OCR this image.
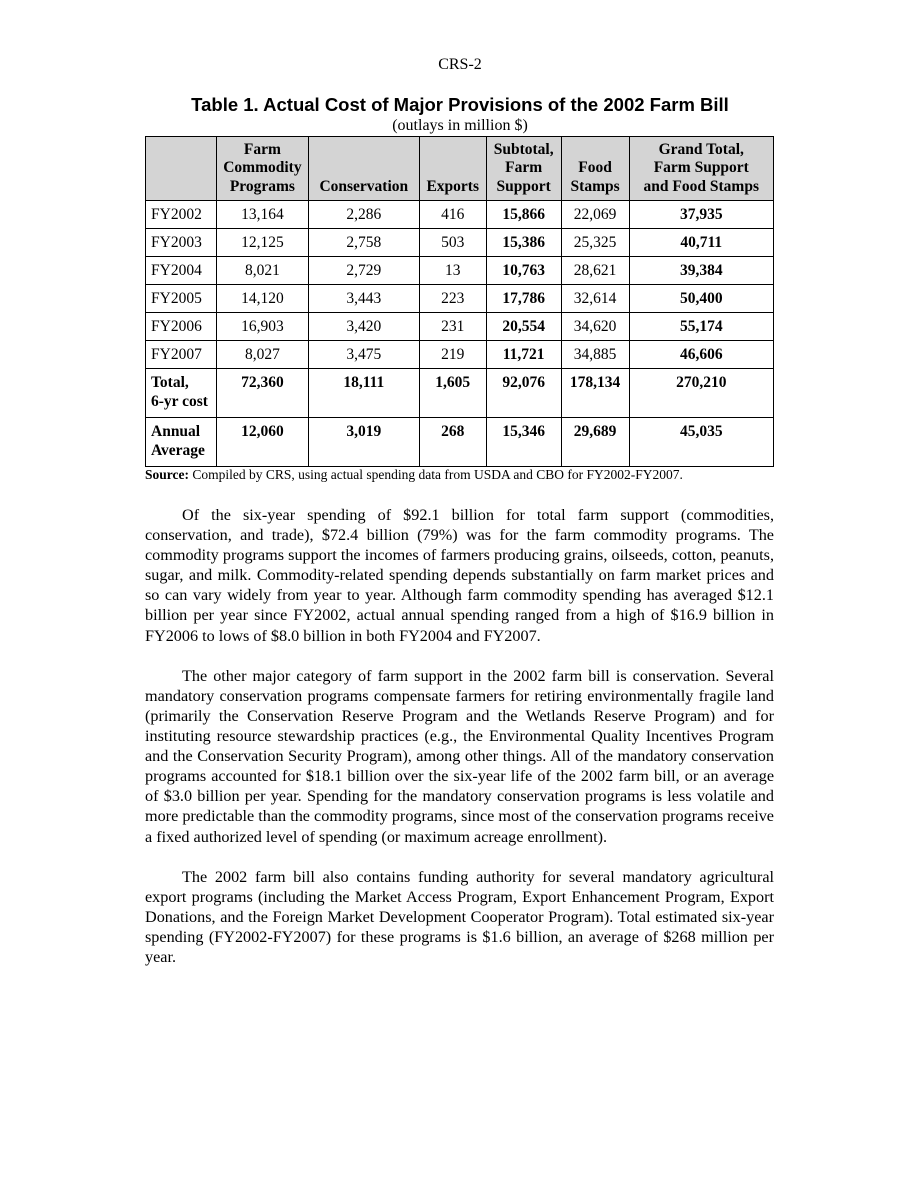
CRS-2
Table 1. Actual Cost of Major Provisions of the 2002 Farm Bill
(outlays in million $)
	Farm
Commodity
Programs	Conservation	Exports	Subtotal,
Farm
Support	Food
Stamps	Grand Total,
Farm Support
and Food Stamps
FY2002	13,164	2,286	416	15,866	22,069	37,935
FY2003	12,125	2,758	503	15,386	25,325	40,711
FY2004	8,021	2,729	13	10,763	28,621	39,384
FY2005	14,120	3,443	223	17,786	32,614	50,400
FY2006	16,903	3,420	231	20,554	34,620	55,174
FY2007	8,027	3,475	219	11,721	34,885	46,606
Total,
6-yr cost	72,360	18,111	1,605	92,076	178,134	270,210
Annual
Average	12,060	3,019	268	15,346	29,689	45,035
Source: Compiled by CRS, using actual spending data from USDA and CBO for FY2002-FY2007.

Of the six-year spending of $92.1 billion for total farm support (commodities, conservation, and trade), $72.4 billion (79%) was for the farm commodity programs. The commodity programs support the incomes of farmers producing grains, oilseeds, cotton, peanuts, sugar, and milk. Commodity-related spending depends substantially on farm market prices and so can vary widely from year to year. Although farm commodity spending has averaged $12.1 billion per year since FY2002, actual annual spending ranged from a high of $16.9 billion in FY2006 to lows of $8.0 billion in both FY2004 and FY2007.

The other major category of farm support in the 2002 farm bill is conservation. Several mandatory conservation programs compensate farmers for retiring environmentally fragile land (primarily the Conservation Reserve Program and the Wetlands Reserve Program) and for instituting resource stewardship practices (e.g., the Environmental Quality Incentives Program and the Conservation Security Program), among other things. All of the mandatory conservation programs accounted for $18.1 billion over the six-year life of the 2002 farm bill, or an average of $3.0 billion per year. Spending for the mandatory conservation programs is less volatile and more predictable than the commodity programs, since most of the conservation programs receive a fixed authorized level of spending (or maximum acreage enrollment).

The 2002 farm bill also contains funding authority for several mandatory agricultural export programs (including the Market Access Program, Export Enhancement Program, Export Donations, and the Foreign Market Development Cooperator Program). Total estimated six-year spending (FY2002-FY2007) for these programs is $1.6 billion, an average of $268 million per year.
